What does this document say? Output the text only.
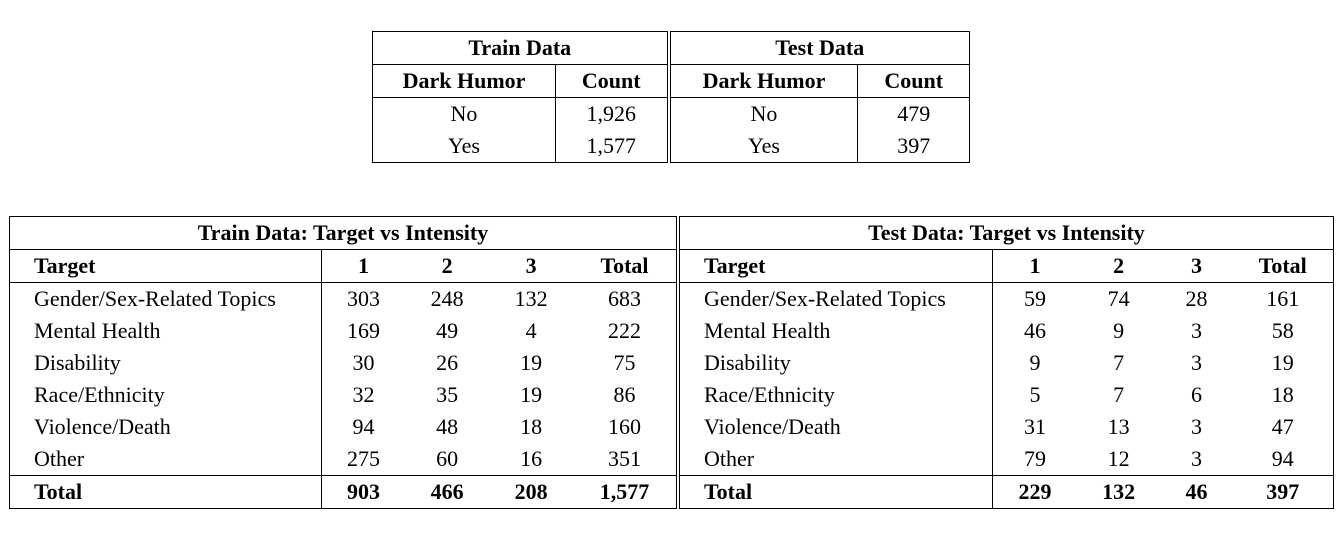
Train Data		Test Data	
Dark Humor	Count	Dark Humor	Count
No	1,926	No	479
Yes	1,577	Yes	397
Train Data: Target vs Intensity					Test Data: Target vs Intensity				
Target	1	2	3	Total	Target	1	2	3	Total
Gender/Sex-Related Topics	303	248	132	683	Gender/Sex-Related Topics	59	74	28	161
Mental Health	169	49	4	222	Mental Health	46	9	3	58
Disability	30	26	19	75	Disability	9	7	3	19
Race/Ethnicity	32	35	19	86	Race/Ethnicity	5	7	6	18
Violence/Death	94	48	18	160	Violence/Death	31	13	3	47
Other	275	60	16	351	Other	79	12	3	94
Total	903	466	208	1,577	Total	229	132	46	397
